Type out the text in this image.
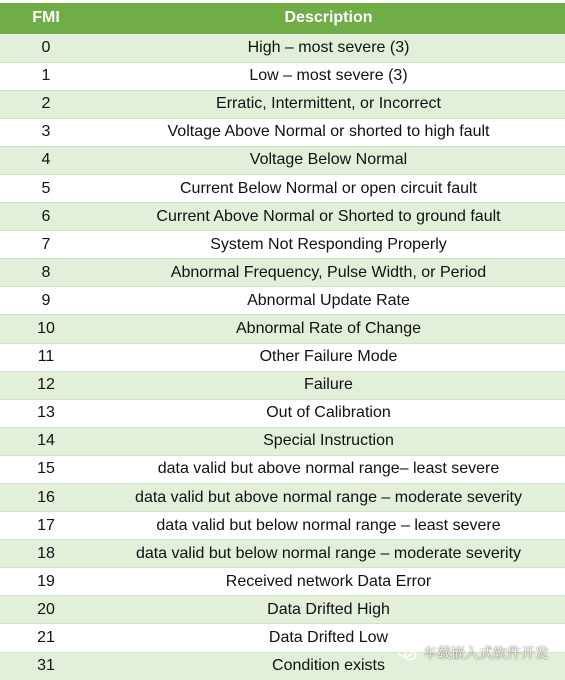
FMI	Description
0	High – most severe (3)
1	Low – most severe (3)
2	Erratic, Intermittent, or Incorrect
3	Voltage Above Normal or shorted to high fault
4	Voltage Below Normal
5	Current Below Normal or open circuit fault
6	Current Above Normal or Shorted to ground fault
7	System Not Responding Properly
8	Abnormal Frequency, Pulse Width, or Period
9	Abnormal Update Rate
10	Abnormal Rate of Change
11	Other Failure Mode
12	Failure
13	Out of Calibration
14	Special Instruction
15	data valid but above normal range– least severe
16	data valid but above normal range – moderate severity
17	data valid but below normal range – least severe
18	data valid but below normal range – moderate severity
19	Received network Data Error
20	Data Drifted High
21	Data Drifted Low
31	Condition exists
车载嵌入式软件开发
